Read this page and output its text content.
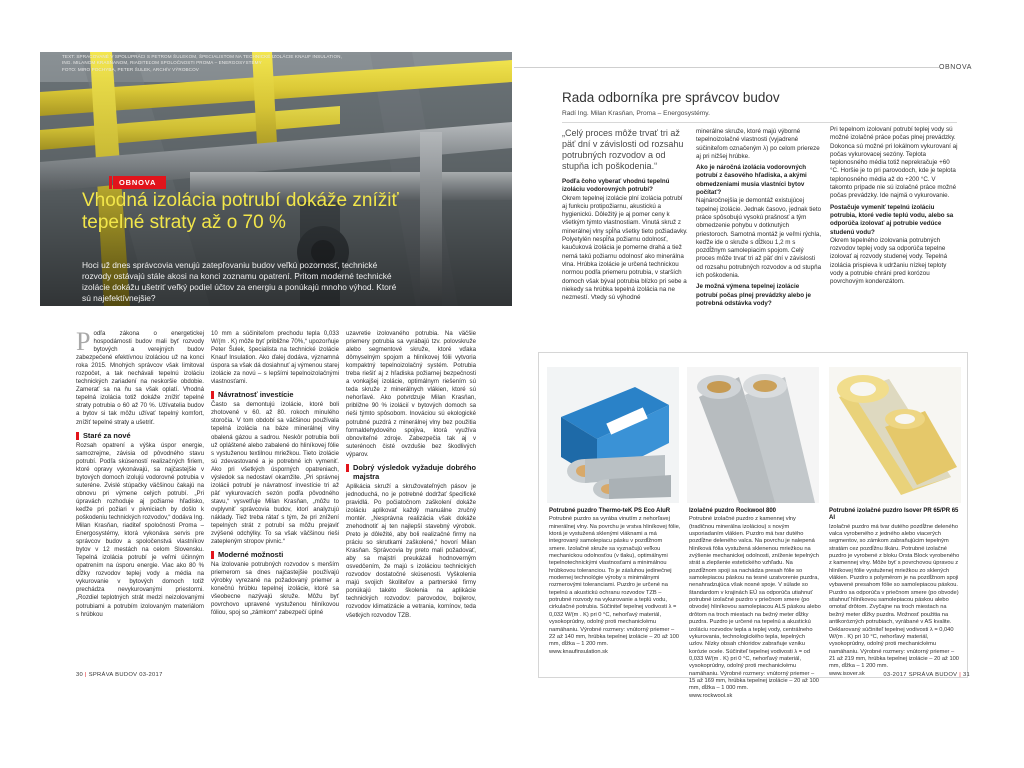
TEXT: SPRACOVANÉ V SPOLUPRÁCI S PETROM ŠULEKOM, ŠPECIALISTOM NA TECHNICKÉ IZOLÁCIE KNAUF INSULATION,
ING. MILANOM KRASŇANOM, RIADITEĽOM SPOLOČNOSTI PROMA – ENERGOSYSTÉMY
FOTO: MIRO POCHYBA, PETER ŠULEK, ARCHÍV VÝROBCOV
OBNOVA
Vhodná izolácia potrubí dokáže znížiť tepelné straty až o 70 %

Hoci už dnes správcovia venujú zatepľovaniu budov veľkú pozornosť, technické rozvody ostávajú stále akosi na konci zoznamu opatrení. Pritom moderné technické izolácie dokážu ušetriť veľký podiel účtov za energiu a ponúkajú mnoho výhod. Ktoré sú najefektívnejšie?

Podľa zákona o energetickej hospodárnosti budov mali byť rozvody bytových a verejných budov zabezpečené efektívnou izoláciou už na konci roka 2015. Mnohých správcov však limitoval rozpočet, a tak nechávali tepelnú izoláciu technických zariadení na neskoršie obdobie. Zamerať sa na ňu sa však oplatí. Vhodná tepelná izolácia totiž dokáže znížiť tepelné straty potrubia o 60 až 70 %. Užívatelia budov a bytov si tak môžu užívať tepelný komfort, znížiť tepelné straty a ušetriť.

Staré za nové

Rozsah opatrení a výška úspor energie, samozrejme, závisia od pôvodného stavu potrubí. Podľa skúseností realizačných firiem, ktoré opravy vykonávajú, sa najčastejšie v bytových domoch izolujú vodorovné potrubia v suteréne. Zvislé stúpačky väčšinou čakajú na obnovu pri výmene celých potrubí. „Pri úpravách rozhoduje aj požiarne hľadisko, keďže pri požiari v pivniciach by došlo k poškodeniu technických rozvodov,“ dodáva Ing. Milan Krasňan, riaditeľ spoločnosti Proma – Energosystémy, ktorá vykonáva servis pre správcov budov a spoločenstvá vlastníkov bytov v 12 mestách na celom Slovensku. Tepelná izolácia potrubí je veľmi účinným opatrením na úsporu energie. Viac ako 80 % dĺžky rozvodov teplej vody a média na vykurovanie v bytových domoch totiž prechádza nevykurovanými priestormi. „Rozdiel teplotných strát medzi neizolovanými potrubiami a potrubím izolovaným materiálom s hrúbkou

10 mm a súčiniteľom prechodu tepla 0,033 W/(m . K) môže byť približne 70%,“ upozorňuje Peter Šulek, špecialista na technické izolácie Knauf Insulation. Ako ďalej dodáva, významná úspora sa však dá dosiahnuť aj výmenou starej izolácie za novú – s lepšími tepelnoizolačnými vlastnosťami.

Návratnosť investície

Často sa demontujú izolácie, ktoré boli zhotovené v 60. až 80. rokoch minulého storočia. V tom období sa väčšinou používala tepelná izolácia na báze minerálnej vlny obalená gázou a sadrou. Neskôr potrubia boli už opláštené alebo zabalené do hliníkovej fólie s vystuženou textilnou mriežkou. Tieto izolácie sú zdevastované a je potrebné ich vymeniť. Ako pri všetkých úsporných opatreniach, výsledok sa nedostaví okamžite. „Pri správnej izolácii potrubí je návratnosť investície tri až päť vykurovacích sezón podľa pôvodného stavu,“ vysvetľuje Milan Krasňan, „môžu to ovplyvniť správcovia budov, ktorí analyzujú náklady. Tiež treba rátať s tým, že pri znížení tepelných strát z potrubí sa môžu prejaviť zvýšené odchýlky. To sa však väčšinou rieši zatepleným stropov pivnic.“

Moderné možnosti

Na izolovanie potrubných rozvodov s menším priemerom sa dnes najčastejšie používajú výrobky vyrezané na požadovaný priemer a konečnú hrúbku tepelnej izolácie, ktoré sa všeobecne nazývajú skruže. Môžu byť povrchovo upravené vystuženou hliníkovou fóliou, spoj so „zámkom“ zabezpečí úplné

uzavretie izolovaného potrubia. Na väčšie priemery potrubia sa vyrábajú tzv. polovskruže alebo segmentové skruže, ktoré vďaka dômyselným spojom a hliníkovej fólii vytvoria kompaktný tepelnoizolačný systém. Potrubia treba riešiť aj z hľadiska požiarnej bezpečnosti a vonkajšej izolácie, optimálnym riešením sú teda skruže z minerálnych vlákien, ktoré sú nehorľavé. Ako potvrdzuje Milan Krasňan, približne 90 % izolácií v bytových domoch sa rieši týmto spôsobom. Inováciou sú ekologické potrubné puzdrá z minerálnej vlny bez použitia formaldehydového spojiva, ktorá využíva obnoviteľné zdroje. Zabezpečia tak aj v suterénoch čisté ovzdušie bez škodlivých výparov.

Dobrý výsledok vyžaduje dobrého majstra

Aplikácia skruží a skružovateľných pásov je jednoduchá, no je potrebné dodržať špecifické pravidlá. Po počiatočnom zaškolení dokáže izoláciu aplikovať každý manuálne zručný montér. „Nesprávna realizácia však dokáže znehodnotiť aj ten najlepší stavebný výrobok. Preto je dôležité, aby boli realizačné firmy na práciu so skrutkami zaškolené,“ hovorí Milan Krasňan. Správcovia by preto mali požadovať, aby sa majstri preukázali hodnoverným osvedčením, že majú s izoláciou technických rozvodov dostatočné skúsenosti. Vyškolenia majú svojich školiteľov a partnerské firmy ponúkajú takéto školenia na aplikácie technických rozvodov: parovodov, bojlerov, rozvodov klimatizácie a vetrania, komínov, teda všetkých rozvodov TZB.

30 | SPRÁVA BUDOV 03-2017
OBNOVA
Rada odborníka pre správcov budov
Radí Ing. Milan Krasňan, Proma – Energosystémy.

„Celý proces môže trvať tri až päť dní v závislosti od rozsahu potrubných rozvodov a od stupňa ich poškodenia.“

Podľa čoho vyberať vhodnú tepelnú izoláciu vodorovných potrubí?

Okrem tepelnej izolácie plní izolácia potrubí aj funkciu protipožiarnu, akustickú a hygienickú. Dôležitý je aj pomer ceny k všetkým týmto vlastnostiam. Vinutá skruž z minerálnej vlny spĺňa všetky tieto požiadavky. Polyetylén nespĺňa požiarnu odolnosť, kaučuková izolácia je pomerne drahá a tiež nemá takú požiarnu odolnosť ako minerálna vlna. Hrúbka izolácie je určená technickou normou podľa priemeru potrubia, v starších domoch však býval potrubia blízko pri sebe a niekedy sa hrúbka tepelná izolácia na ne nezmestí. Vtedy sú výhodné

minerálne skruže, ktoré majú výborné tepelnoizolačné vlastnosti (vyjadrené súčiniteľom označeným λ) po celom priereze aj pri nižšej hrúbke.

Ako je náročná izolácia vodorovných potrubí z časového hľadiska, a akými obmedzeniami musia vlastníci bytov počítať?

Najnáročnejšia je demontáž existujúcej tepelnej izolácie. Jednak časovo, jednak tieto práce spôsobujú vysokú prašnosť a tým obmedzenie pohybu v dotknutých priestoroch. Samotná montáž je veľmi rýchla, keďže ide o skruže s dĺžkou 1,2 m s pozdĺžnym samolepiacim spojom. Celý proces môže trvať tri až päť dní v závislosti od rozsahu potrubných rozvodov a od stupňa ich poškodenia.

Je možná výmena tepelnej izolácie potrubí počas plnej prevádzky alebo je potrebná odstávka vody?

Pri tepelnom izolovaní potrubí teplej vody sú možné izolačné práce počas plnej prevádzky. Dokonca sú možné pri lokálnom vykurovaní aj počas vykurovacej sezóny. Teplota teplonosného média totiž neprekračuje +60 °C. Horšie je to pri parovodoch, kde je teplota teplonosného média až do +200 °C. V takomto prípade nie sú izolačné práce možné počas prevádzky. Ide najmä o vykurovanie.

Postačuje vymeniť tepelnú izoláciu potrubia, ktoré vedie teplú vodu, alebo sa odporúča izolovať aj potrubie vedúce studenú vodu?

Okrem tepelného izolovania potrubných rozvodov teplej vody sa odporúča tepelne izolovať aj rozvody studenej vody. Tepelná izolácia prispieva k udržaniu nízkej teploty vody a potrubie chráni pred korózou povrchovým kondenzátom.

Potrubné puzdro Thermo-teK PS Eco AluR
Potrubné puzdro sa vyrába vinutím z nehorľavej minerálnej vlny. Na povrchu je vrstva hliníkovej fólie, ktorá je vystužená sklenými vláknami a má integrovaný samolepiacu pásku v pozdĺžnom smere. Izolačné skruže sa vyznačujú veľkou mechanickou odolnosťou (v tlaku), optimálnymi tepelnotechnickými vlastnosťami a minimálnou hrúbkovou toleranciou. To je zásluhou jedinečnej modernej technológie výroby s minimálnymi rozmerovými toleranciami. Puzdro je určené na tepelnú a akustickú ochranu rozvodov TZB – potrubné rozvody na vykurovanie a teplú vodu, cirkulačné potrubia. Súčiniteľ tepelnej vodivosti λ = 0,032 W/(m . K) pri 0 °C, nehorľavý materiál, vysokoprúdny, odolný proti mechanickému namáhaniu. Výrobné rozmery: vnútorný priemer – 22 až 140 mm, hrúbka tepelnej izolácie – 20 až 100 mm, dĺžka – 1 200 mm.
www.knaufinsulation.sk
Izolačné puzdro Rockwool 800
Potrubné izolačné puzdro z kamennej vlny (tradičnou minerálna izoláciou) s novým usporiadaním vlákien. Puzdro má tvar dutého pozdĺžne deleného valca. Na povrchu je nalepená hliníková fólia vystužená sklenenou mriežkou na zvýšenie mechanickej odolnosti, zníženie tepelných strát a zlepšenie estetického vzhľadu. Na pozdĺžnom spoji sa nachádza presah fólie so samolepiacou páskou na tesné uzatvorenie puzdra, nenahradzujúca však nosné spoje. V súlade so štandardom v krajinách EÚ sa odporúča utiahnuť potrubné izolačné puzdro v priečnom smere (po obvode) hliníkovou samolepiacou ALS páskou alebo drôtom na troch miestach na bežný meter dĺžky puzdra. Puzdro je určené na tepelnú a akustickú izoláciu rozvodov tepla a teplej vody, centrálneho vykurovania, technologického tepla, tepelných uzlov. Nízky obsah chloridov zabraňuje vzniku korózie ocele. Súčiniteľ tepelnej vodivosti λ = od 0,033 W/(m . K) pri 0 °C, nehorľavý materiál, vysokoprúdny, odolný proti mechanickému namáhaniu. Výrobné rozmery: vnútorný priemer – 15 až 169 mm, hrúbka tepelnej izolácie – 20 až 100 mm, dĺžka – 1 000 mm.
www.rockwool.sk
Potrubné izolačné puzdro Isover PR 65/PR 65 AI
Izolačné puzdro má tvar dutého pozdĺžne deleného valca vyrobeného z jedného alebo viacerých segmentov, so zámkom zabraňujúcim tepelným stratám cez pozdĺžnu škáru. Potrubné izolačné puzdro je vyrobené z bloku Orsta Block vyrobeného z kamennej vlny. Môže byť s povrchovou úpravou z hliníkovej fólie vystuženej mriežkou zo sklených vlákien. Puzdro s polymérom je na pozdĺžnom spoji vybavené presahom fólie so samolepiacou páskou. Puzdro sa odporúča v priečnom smere (po obvode) stiahnuť hliníkovou samolepiacou páskou alebo omotať drôtom. Zvyčajne na troch miestach na bežný meter dĺžky puzdra. Možnosť použitia na antikorózných potrubiach, vyrábané v AS kvalite. Deklarovaný súčiniteľ tepelnej vodivosti λ = 0,040 W/(m . K) pri 10 °C, nehorľavý materiál, vysokoprúdny, odolný proti mechanickému namáhaniu. Výrobné rozmery: vnútorný priemer – 21 až 219 mm, hrúbka tepelnej izolácie – 20 až 100 mm, dĺžka – 1 200 mm.
www.isover.sk	03-2017 SPRÁVA BUDOV | 31
